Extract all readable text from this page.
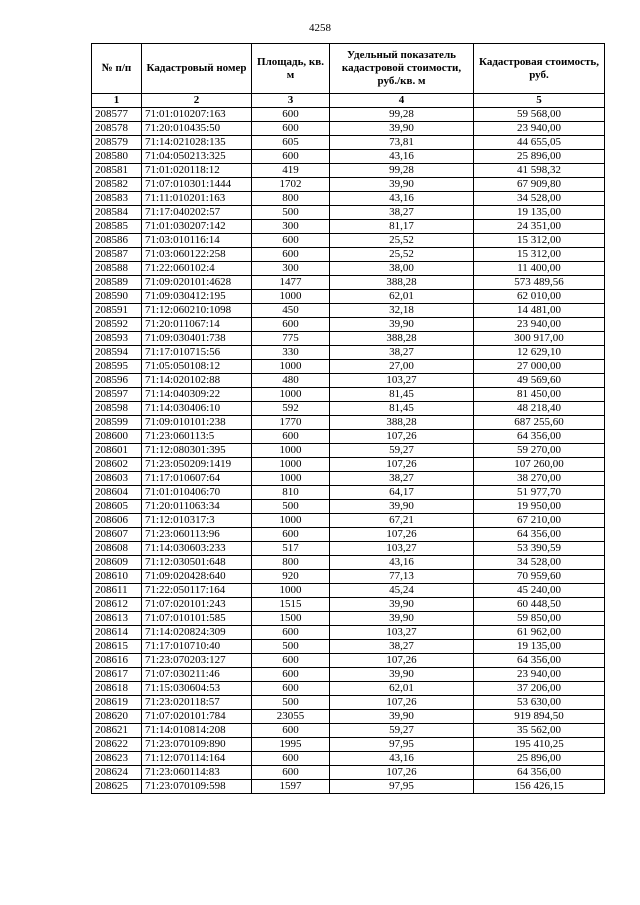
4258
№ п/п	Кадастровый номер	Площадь, кв. м	Удельный показатель кадастровой стоимости, руб./кв. м	Кадастровая стоимость, руб.
1	2	3	4	5
208577	71:01:010207:163	600	99,28	59 568,00
208578	71:20:010435:50	600	39,90	23 940,00
208579	71:14:021028:135	605	73,81	44 655,05
208580	71:04:050213:325	600	43,16	25 896,00
208581	71:01:020118:12	419	99,28	41 598,32
208582	71:07:010301:1444	1702	39,90	67 909,80
208583	71:11:010201:163	800	43,16	34 528,00
208584	71:17:040202:57	500	38,27	19 135,00
208585	71:01:030207:142	300	81,17	24 351,00
208586	71:03:010116:14	600	25,52	15 312,00
208587	71:03:060122:258	600	25,52	15 312,00
208588	71:22:060102:4	300	38,00	11 400,00
208589	71:09:020101:4628	1477	388,28	573 489,56
208590	71:09:030412:195	1000	62,01	62 010,00
208591	71:12:060210:1098	450	32,18	14 481,00
208592	71:20:011067:14	600	39,90	23 940,00
208593	71:09:030401:738	775	388,28	300 917,00
208594	71:17:010715:56	330	38,27	12 629,10
208595	71:05:050108:12	1000	27,00	27 000,00
208596	71:14:020102:88	480	103,27	49 569,60
208597	71:14:040309:22	1000	81,45	81 450,00
208598	71:14:030406:10	592	81,45	48 218,40
208599	71:09:010101:238	1770	388,28	687 255,60
208600	71:23:060113:5	600	107,26	64 356,00
208601	71:12:080301:395	1000	59,27	59 270,00
208602	71:23:050209:1419	1000	107,26	107 260,00
208603	71:17:010607:64	1000	38,27	38 270,00
208604	71:01:010406:70	810	64,17	51 977,70
208605	71:20:011063:34	500	39,90	19 950,00
208606	71:12:010317:3	1000	67,21	67 210,00
208607	71:23:060113:96	600	107,26	64 356,00
208608	71:14:030603:233	517	103,27	53 390,59
208609	71:12:030501:648	800	43,16	34 528,00
208610	71:09:020428:640	920	77,13	70 959,60
208611	71:22:050117:164	1000	45,24	45 240,00
208612	71:07:020101:243	1515	39,90	60 448,50
208613	71:07:010101:585	1500	39,90	59 850,00
208614	71:14:020824:309	600	103,27	61 962,00
208615	71:17:010710:40	500	38,27	19 135,00
208616	71:23:070203:127	600	107,26	64 356,00
208617	71:07:030211:46	600	39,90	23 940,00
208618	71:15:030604:53	600	62,01	37 206,00
208619	71:23:020118:57	500	107,26	53 630,00
208620	71:07:020101:784	23055	39,90	919 894,50
208621	71:14:010814:208	600	59,27	35 562,00
208622	71:23:070109:890	1995	97,95	195 410,25
208623	71:12:070114:164	600	43,16	25 896,00
208624	71:23:060114:83	600	107,26	64 356,00
208625	71:23:070109:598	1597	97,95	156 426,15
